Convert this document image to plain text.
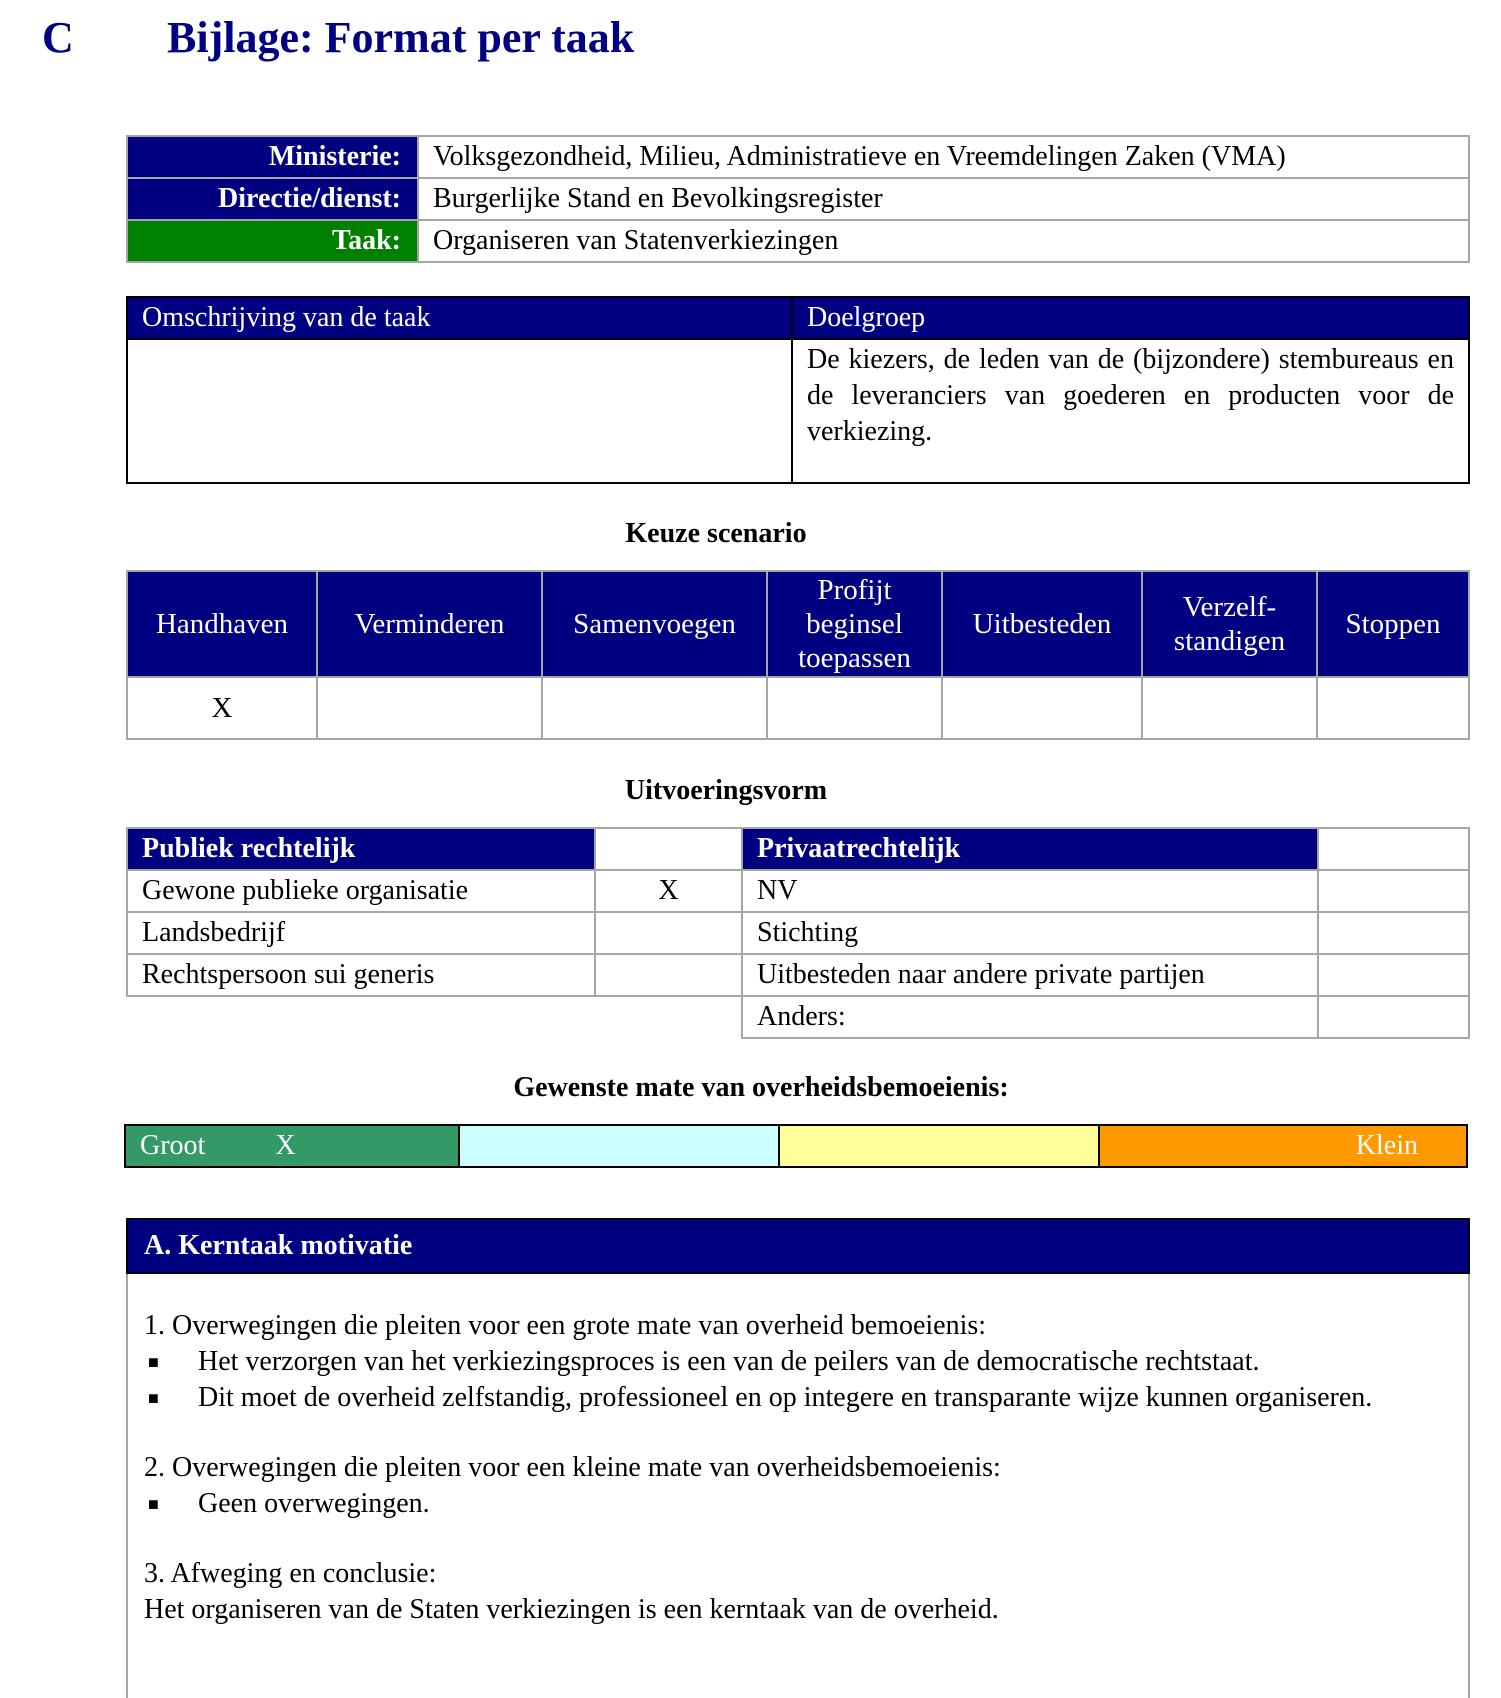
C Bijlage: Format per taak
Ministerie:	Volksgezondheid, Milieu, Administratieve en Vreemdelingen Zaken (VMA)
Directie/dienst:	Burgerlijke Stand en Bevolkingsregister
Taak:	Organiseren van Statenverkiezingen
Omschrijving van de taak	Doelgroep
	De kiezers, de leden van de (bijzondere) stembureaus en de leveranciers van goederen en producten voor de verkiezing.
Keuze scenario
Handhaven	Verminderen	Samenvoegen	Profijt beginsel toepassen	Uitbesteden	Verzelf-standigen	Stoppen
X						
Uitvoeringsvorm
Publiek rechtelijk		Privaatrechtelijk	
Gewone publieke organisatie	X	NV	
Landsbedrijf		Stichting	
Rechtspersoon sui generis		Uitbesteden naar andere private partijen	
		Anders:	
Gewenste mate van overheidsbemoeienis:
Groot	X	Klein
A. Kerntaak motivatie

1. Overwegingen die pleiten voor een grote mate van overheid bemoeienis:

■	Het verzorgen van het verkiezingsproces is een van de peilers van de democratische rechtstaat.
■	Dit moet de overheid zelfstandig, professioneel en op integere en transparante wijze kunnen organiseren.

2. Overwegingen die pleiten voor een kleine mate van overheidsbemoeienis:

■	Geen overwegingen.

3. Afweging en conclusie:

Het organiseren van de Staten verkiezingen is een kerntaak van de overheid.
